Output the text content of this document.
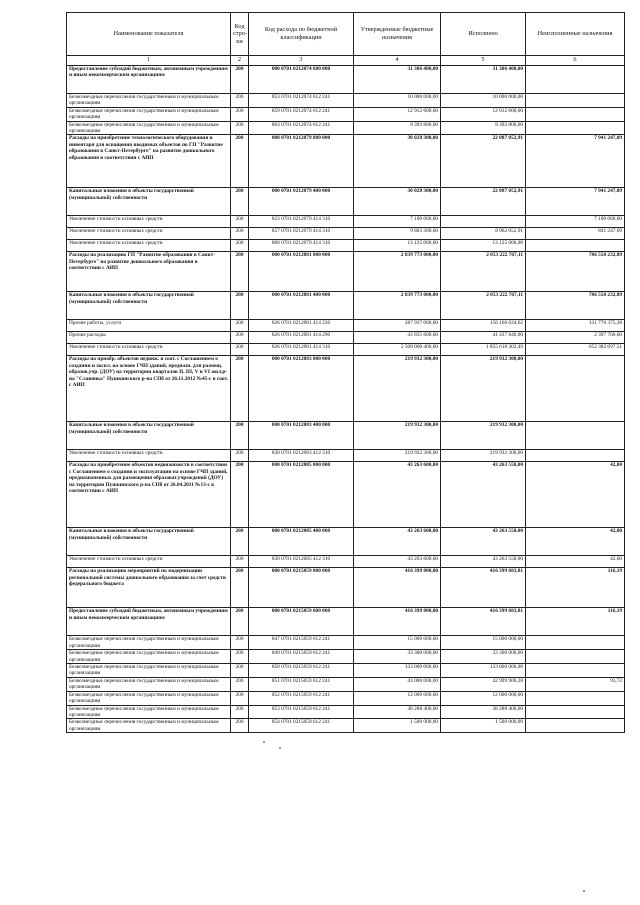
Наименование показателя	Код стро-ки	Код расхода по бюджетной классификации	Утвержденные бюджетные назначения	Исполнено	Неисполненные назначения
1	2	3	4	5	6
Предоставление субсидий бюджетным, автономным учреждениям и иным некоммерческим организациям	200	000 0701 0212074 600 000	31 306 400,00	31 306 400,00	
Безвозмездные перечисления государственным и муниципальным организациям	200	853 0701 0212074 612 241	10 000 000,00	10 000 000,00	
Безвозмездные перечисления государственным и муниципальным организациям	200	859 0701 0212074 612 241	12 912 600,00	12 912 600,00	
Безвозмездные перечисления государственным и муниципальным организациям	200	863 0701 0212074 612 241	8 393 800,00	8 393 800,00	
Расходы на приобретение технологического оборудования и инвентаря для оснащения вводимых объектов по ГП "Развитие образования в Санкт-Петербурге" на развитие дошкольного образования в соответствии с АИП	200	000 0701 0212079 000 000	30 028 300,00	22 087 052,91	7 941 247,09
Капитальные вложения в объекты государственной (муниципальной) собственности	200	000 0701 0212079 400 000	30 028 300,00	22 087 052,91	7 941 247,09
Увеличение стоимости основных средств	200	823 0701 0212079 414 310	7 100 000,00		7 100 000,00
Увеличение стоимости основных средств	200	857 0701 0212079 414 310	9 803 300,00	8 962 052,91	841 247,09
Увеличение стоимости основных средств	200	860 0701 0212079 414 310	13 125 000,00	13 125 000,00	
Расходы на реализацию ГП "Развитие образования в Санкт-Петербурге" на развитие дошкольного образования в соответствии с АИП	200	000 0701 0212081 000 000	2 839 773 000,00	2 053 222 767,11	786 550 232,89
Капитальные вложения в объекты государственной (муниципальной) собственности	200	000 0701 0212081 400 000	2 839 773 000,00	2 053 222 767,11	786 550 232,89
Прочие работы, услуги	200	826 0701 0212081 414 226	287 937 000,00	156 166 624,62	131 770 375,38
Прочие расходы	200	826 0701 0212081 414 290	43 835 600,00	41 437 840,00	2 397 760,00
Увеличение стоимости основных средств	200	826 0701 0212081 414 310	2 508 000 400,00	1 855 618 302,49	652 382 097,51
Расходы на приобр. объектов недвиж. в соот. с Соглашением о создании и экспл. на основе ГЧП зданий, предназн. для размещ. образов.учр. (ДОУ) на территории кварталов II, III, V и VI жил.р-на "Славянка" Пушкинского р-на СПб от 26.11.2012 №45-с в соот. с АИП	200	000 0701 0212083 000 000	219 932 300,00	219 932 300,00	
Капитальные вложения в объекты государственной (муниципальной) собственности	200	000 0701 0212083 400 000	219 932 300,00	219 932 300,00	
Увеличение стоимости основных средств	200	830 0701 0212083 412 310	219 932 300,00	219 932 300,00	
Расходы на приобретение объектов недвижимости в соответствии с Соглашением о создании и эксплуатации на основе ГЧП зданий, предназначенных для размещения образоват.учреждений (ДОУ) на территории Пушкинского р-на СПб от 26.04.2011 №13-с в соответствии с АИП	200	000 0701 0212085 000 000	43 263 600,00	43 263 558,00	42,00
Капитальные вложения в объекты государственной (муниципальной) собственности	200	000 0701 0212085 400 000	43 263 600,00	43 263 558,00	42,00
Увеличение стоимости основных средств	200	830 0701 0212085 412 310	43 263 600,00	43 263 558,00	42,00
Расходы на реализацию мероприятий по модернизации региональной системы дошкольного образования за счет средств федерального бюджета	200	000 0701 0215059 000 000	416 399 800,00	416 399 683,81	116,19
Предоставление субсидий бюджетным, автономным учреждениям и иным некоммерческим организациям	200	000 0701 0215059 600 000	416 399 800,00	416 399 683,81	116,19
Безвозмездные перечисления государственным и муниципальным организациям	200	847 0701 0215059 612 241	15 000 000,00	15 000 000,00	
Безвозмездные перечисления государственным и муниципальным организациям	200	849 0701 0215059 612 241	33 300 000,00	33 300 000,00	
Безвозмездные перечисления государственным и муниципальным организациям	200	850 0701 0215059 612 241	133 000 000,00	133 000 000,00	
Безвозмездные перечисления государственным и муниципальным организациям	200	851 0701 0215059 612 241	43 000 000,00	42 999 906,28	93,72
Безвозмездные перечисления государственным и муниципальным организациям	200	852 0701 0215059 612 241	12 000 000,00	12 000 000,00	
Безвозмездные перечисления государственным и муниципальным организациям	200	853 0701 0215059 612 241	38 288 400,00	38 288 400,00	
Безвозмездные перечисления государственным и муниципальным организациям	200	854 0701 0215059 612 241	1 500 000,00	1 500 000,00	
